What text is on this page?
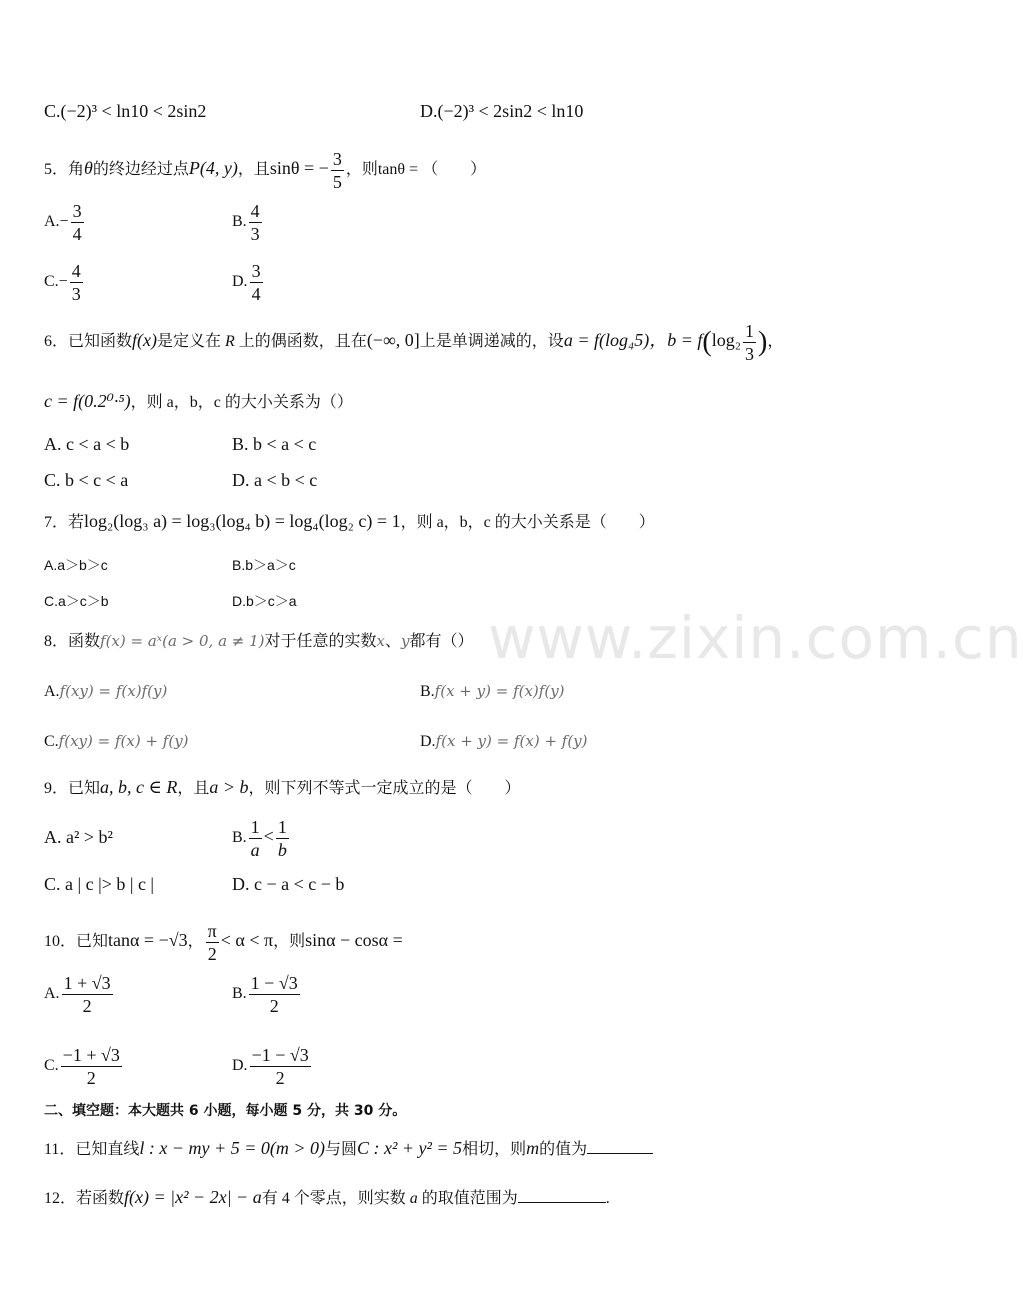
www.zixin.com.cn
C.(−2)³ < ln10 < 2sin2	D.(−2)³ < 2sin2 < ln10
5．角θ的终边经过点P(4, y)，且sinθ = − $\frac{3}{5}$ ，则tanθ = （　　）
$A.- \frac{3}{4}$	B. $\frac{4}{3}$
$C.- \frac{4}{3}$	D. $\frac{3}{4}$
6．已知函数f(x)是定义在 R 上的偶函数，且在(−∞, 0]上是单调递减的，设a = f(log₄5)，$b = f(\log_2 \frac{1}{3}$ )，
c = f(0.2⁰·⁵)，则 a，b，c 的大小关系为（）
A. c < a < b	B. b < a < c
C. b < c < a	D. a < b < c
7．若log₂(log₃ a) = log₃(log₄ b) = log₄(log₂ c) = 1，则 a，b，c 的大小关系是（　　）
A.a＞b＞c	B.b＞a＞c
C.a＞c＞b	D.b＞c＞a
8．函数f(x) = aˣ(a > 0, a ≠ 1)对于任意的实数x、y都有（）
A.f(xy) = f(x)f(y)	B.f(x + y) = f(x)f(y)
C.f(xy) = f(x) + f(y)	D.f(x + y) = f(x) + f(y)
9．已知a, b, c ∈ R，且a > b，则下列不等式一定成立的是（　　）
A. a² > b²	B. $\frac{1}{a} < \frac{1}{b}$
C. a | c |> b | c |	D. c − a < c − b
10．已知tanα = −√3， $\frac{\pi}{2} < \alpha < \pi$，则sinα − cosα =
A. $\frac{1 + √3}{2}$	B. $\frac{1 - √3}{2}$
C. $\frac{-1 + √3}{2}$	D. $\frac{-1 - √3}{2}$
二、填空题：本大题共 6 小题，每小题 5 分，共 30 分。
11．已知直线l : x − my + 5 = 0(m > 0)与圆C : x² + y² = 5相切，则m的值为
12．若函数f(x) = |x² − 2x| − a有 4 个零点，则实数 a 的取值范围为	.
